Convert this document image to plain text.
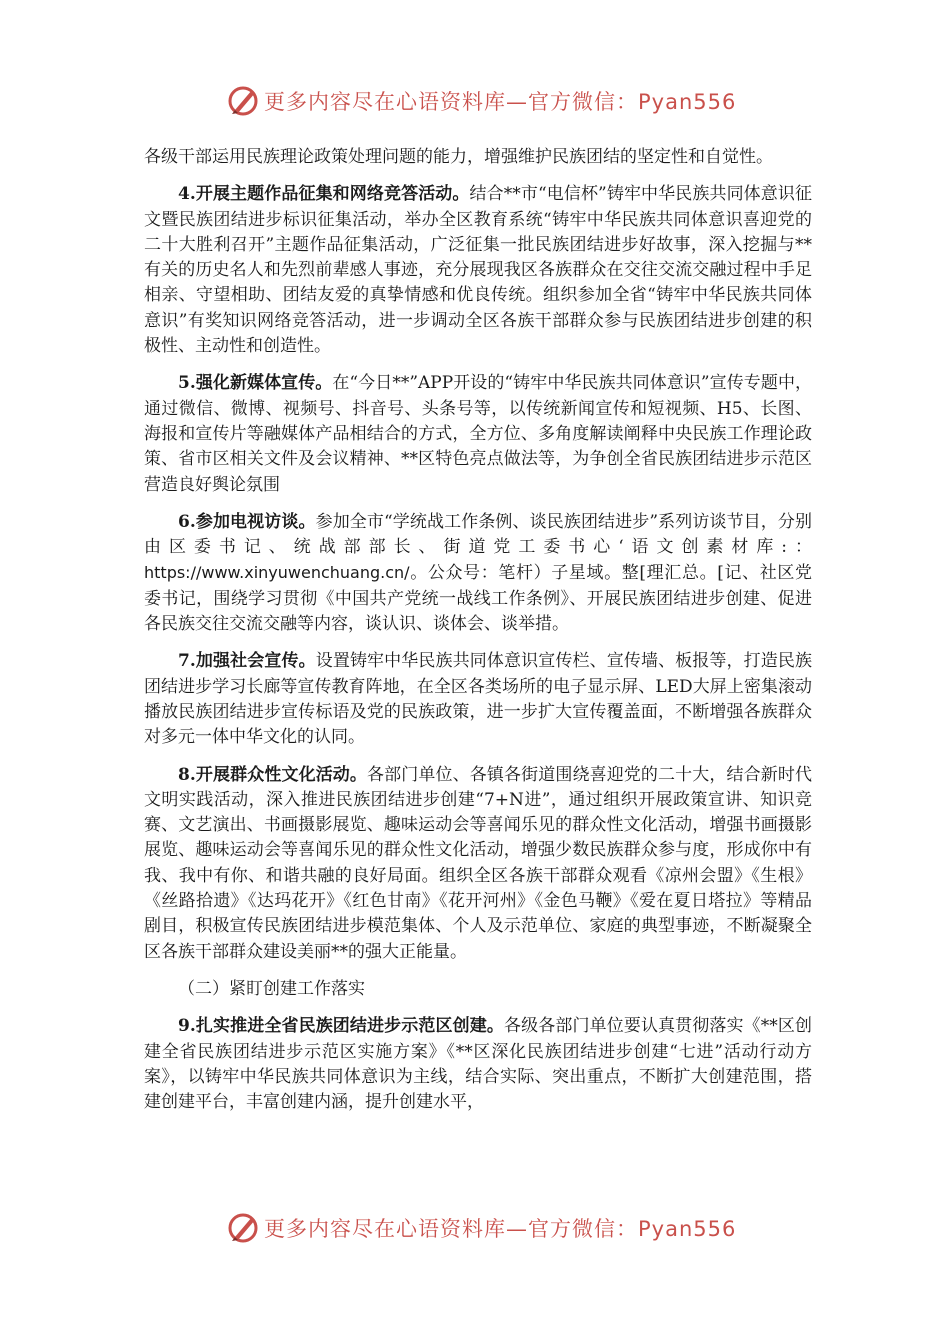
更多内容尽在心语资料库—官方微信：Pyan556

各级干部运用民族理论政策处理问题的能力，增强维护民族团结的坚定性和自觉性。

4.开展主题作品征集和网络竞答活动。结合**市“电信杯”铸牢中华民族共同体意识征文暨民族团结进步标识征集活动，举办全区教育系统“铸牢中华民族共同体意识喜迎党的二十大胜利召开”主题作品征集活动，广泛征集一批民族团结进步好故事，深入挖掘与**有关的历史名人和先烈前辈感人事迹，充分展现我区各族群众在交往交流交融过程中手足相亲、守望相助、团结友爱的真挚情感和优良传统。组织参加全省“铸牢中华民族共同体意识”有奖知识网络竞答活动，进一步调动全区各族干部群众参与民族团结进步创建的积极性、主动性和创造性。

5.强化新媒体宣传。在“今日**”APP开设的“铸牢中华民族共同体意识”宣传专题中，通过微信、微博、视频号、抖音号、头条号等，以传统新闻宣传和短视频、H5、长图、海报和宣传片等融媒体产品相结合的方式，全方位、多角度解读阐释中央民族工作理论政策、省市区相关文件及会议精神、**区特色亮点做法等，为争创全省民族团结进步示范区营造良好舆论氛围

6.参加电视访谈。参加全市“学统战工作条例、谈民族团结进步”系列访谈节目，分别由区委书记、统战部部长、街道党工委书心‘语文创素材库:：https://www.xinyuwenchuang.cn/。公众号：笔杆）子星域。整[理汇总。[记、社区党委书记，围绕学习贯彻《中国共产党统一战线工作条例》、开展民族团结进步创建、促进各民族交往交流交融等内容，谈认识、谈体会、谈举措。

7.加强社会宣传。设置铸牢中华民族共同体意识宣传栏、宣传墙、板报等，打造民族团结进步学习长廊等宣传教育阵地，在全区各类场所的电子显示屏、LED大屏上密集滚动播放民族团结进步宣传标语及党的民族政策，进一步扩大宣传覆盖面，不断增强各族群众对多元一体中华文化的认同。

8.开展群众性文化活动。各部门单位、各镇各街道围绕喜迎党的二十大，结合新时代文明实践活动，深入推进民族团结进步创建“7+N进”，通过组织开展政策宣讲、知识竞赛、文艺演出、书画摄影展览、趣味运动会等喜闻乐见的群众性文化活动，增强书画摄影展览、趣味运动会等喜闻乐见的群众性文化活动，增强少数民族群众参与度，形成你中有我、我中有你、和谐共融的良好局面。组织全区各族干部群众观看《凉州会盟》《生根》《丝路拾遗》《达玛花开》《红色甘南》《花开河州》《金色马鞭》《爱在夏日塔拉》等精品剧目，积极宣传民族团结进步模范集体、个人及示范单位、家庭的典型事迹，不断凝聚全区各族干部群众建设美丽**的强大正能量。

（二）紧盯创建工作落实

9.扎实推进全省民族团结进步示范区创建。各级各部门单位要认真贯彻落实《**区创建全省民族团结进步示范区实施方案》《**区深化民族团结进步创建“七进”活动行动方案》，以铸牢中华民族共同体意识为主线，结合实际、突出重点，不断扩大创建范围，搭建创建平台，丰富创建内涵，提升创建水平，

更多内容尽在心语资料库—官方微信：Pyan556
